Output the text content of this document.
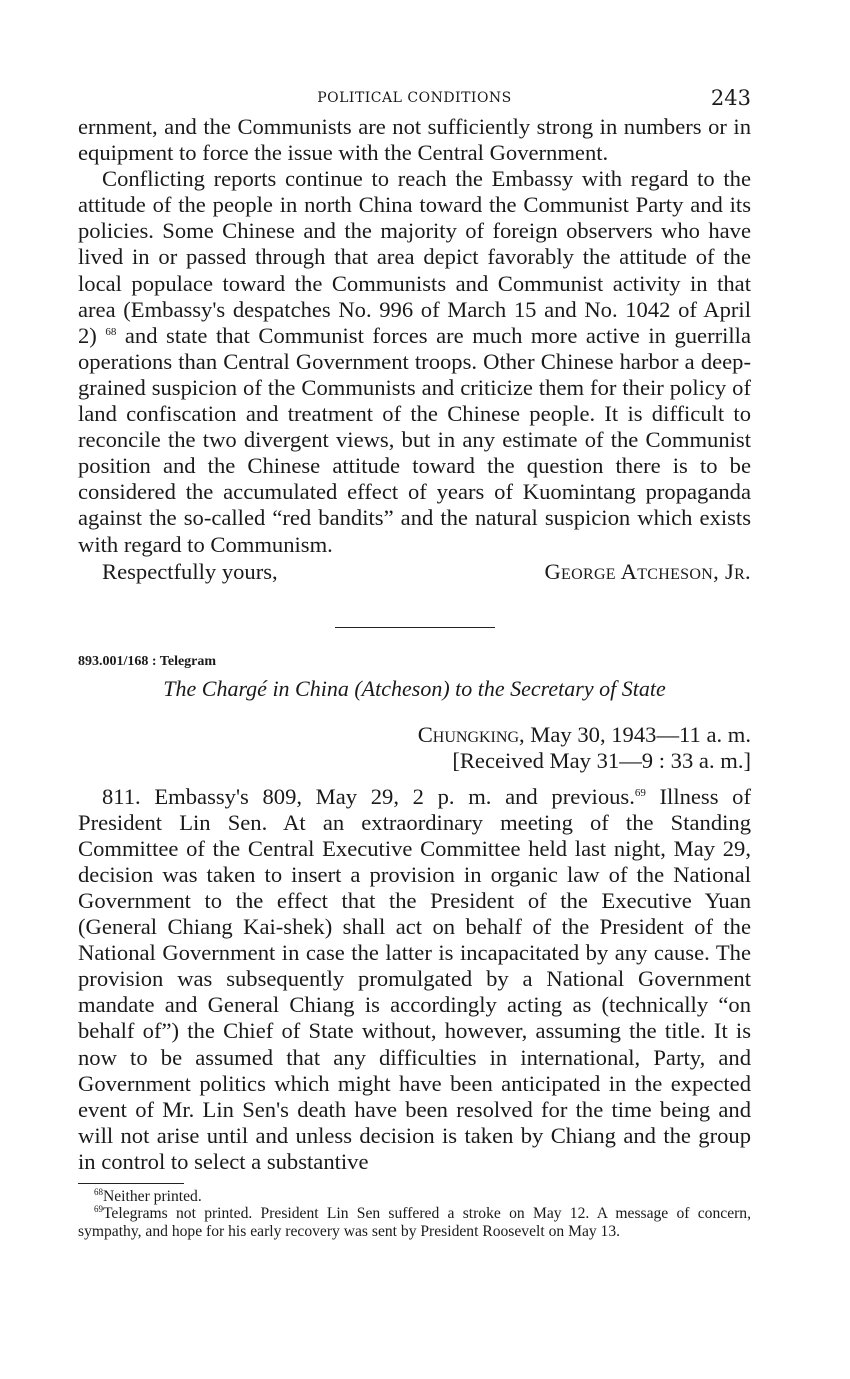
POLITICAL CONDITIONS	243

ernment, and the Communists are not sufficiently strong in numbers or in equipment to force the issue with the Central Government.

Conflicting reports continue to reach the Embassy with regard to the attitude of the people in north China toward the Communist Party and its policies. Some Chinese and the majority of foreign observers who have lived in or passed through that area depict favorably the attitude of the local populace toward the Communists and Communist activity in that area (Embassy's despatches No. 996 of March 15 and No. 1042 of April 2) $^{68}$ and state that Communist forces are much more active in guerrilla operations than Central Government troops. Other Chinese harbor a deep-grained suspicion of the Communists and criticize them for their policy of land confiscation and treatment of the Chinese people. It is difficult to reconcile the two divergent views, but in any estimate of the Communist position and the Chinese attitude toward the question there is to be considered the accumulated effect of years of Kuomintang propaganda against the so-called “red bandits” and the natural suspicion which exists with regard to Communism.

Respectfully yours,	George Atcheson, Jr.
893.001/168 : Telegram
The Chargé in China (Atcheson) to the Secretary of State
Chungking, May 30, 1943—11 a. m.
[Received May 31—9 : 33 a. m.]

811. Embassy's 809, May 29, 2 p. m. and previous.$^{69}$ Illness of President Lin Sen. At an extraordinary meeting of the Standing Committee of the Central Executive Committee held last night, May 29, decision was taken to insert a provision in organic law of the National Government to the effect that the President of the Executive Yuan (General Chiang Kai-shek) shall act on behalf of the President of the National Government in case the latter is incapacitated by any cause. The provision was subsequently promulgated by a National Government mandate and General Chiang is accordingly acting as (technically “on behalf of”) the Chief of State without, however, assuming the title. It is now to be assumed that any difficulties in international, Party, and Government politics which might have been anticipated in the expected event of Mr. Lin Sen's death have been resolved for the time being and will not arise until and unless decision is taken by Chiang and the group in control to select a substantive

$^{68}$Neither printed.

$^{69}$Telegrams not printed. President Lin Sen suffered a stroke on May 12. A message of concern, sympathy, and hope for his early recovery was sent by President Roosevelt on May 13.
